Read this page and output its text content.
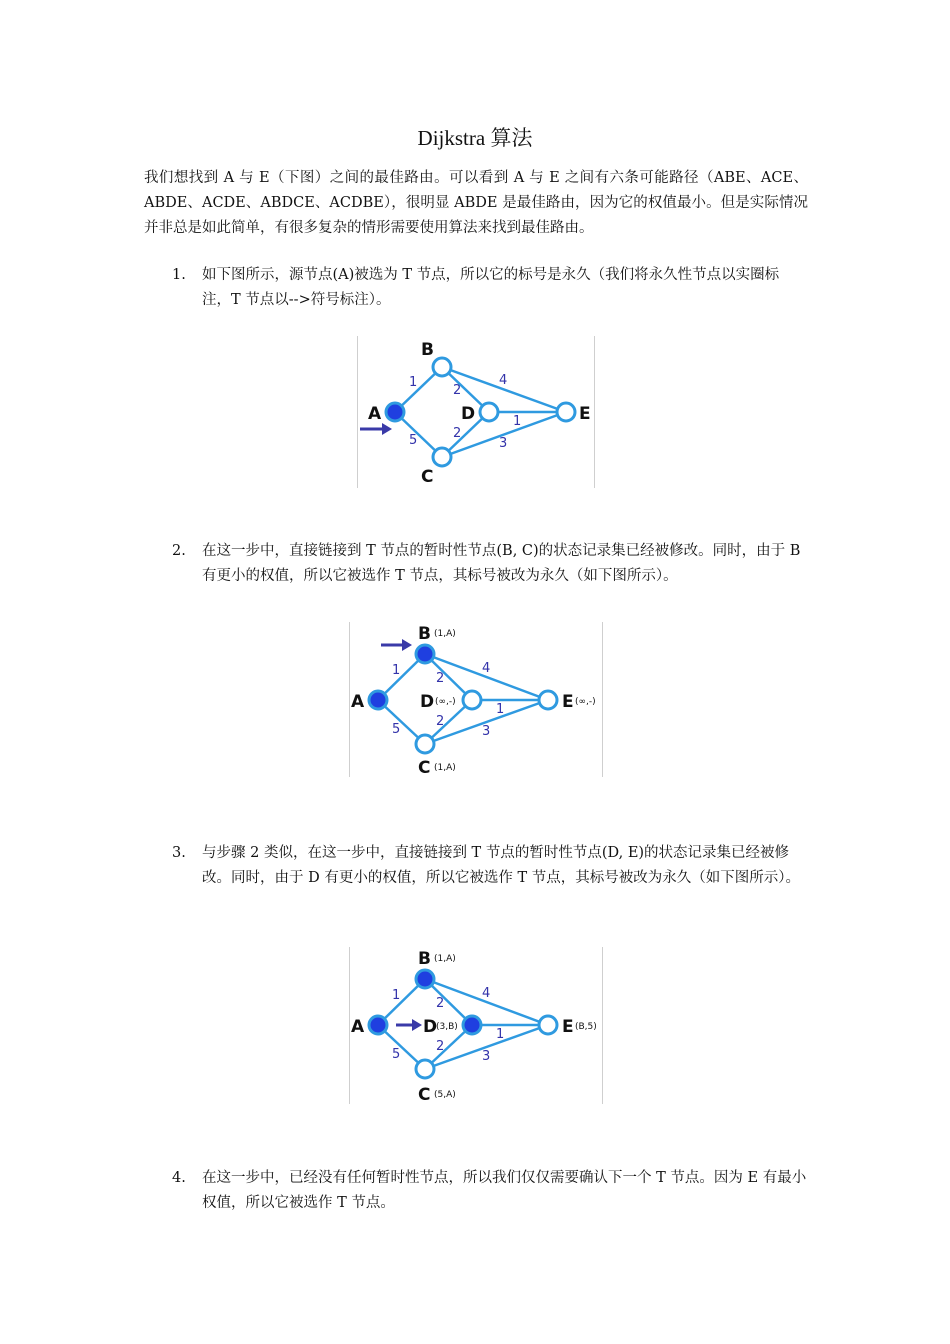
Dijkstra 算法
我们想找到 A 与 E（下图）之间的最佳路由。可以看到 A 与 E 之间有六条可能路径（ABE、ACE、ABDE、ACDE、ABDCE、ACDBE），很明显 ABDE 是最佳路由，因为它的权值最小。但是实际情况并非总是如此简单，有很多复杂的情形需要使用算法来找到最佳路由。
1. 如下图所示，源节点(A)被选为 T 节点，所以它的标号是永久（我们将永久性节点以实圈标注，T 节点以-->符号标注）。
A
B
C
D	E
1
5
2
2
4
1
3
2. 在这一步中，直接链接到 T 节点的暂时性节点(B, C)的状态记录集已经被修改。同时，由于 B 有更小的权值，所以它被选作 T 节点，其标号被改为永久（如下图所示）。
A
B
C
D	E
(1,A)
(1,A)
(∞,-)	(∞,-)
1
5
2
2
4
1
3
3. 与步骤 2 类似，在这一步中，直接链接到 T 节点的暂时性节点(D, E)的状态记录集已经被修改。同时，由于 D 有更小的权值，所以它被选作 T 节点，其标号被改为永久（如下图所示）。
A
B
C
D	E
(1,A)
(5,A)
(3,B)	(B,5)
1
5
2
2
4
1
3
4. 在这一步中，已经没有任何暂时性节点，所以我们仅仅需要确认下一个 T 节点。因为 E 有最小权值，所以它被选作 T 节点。
